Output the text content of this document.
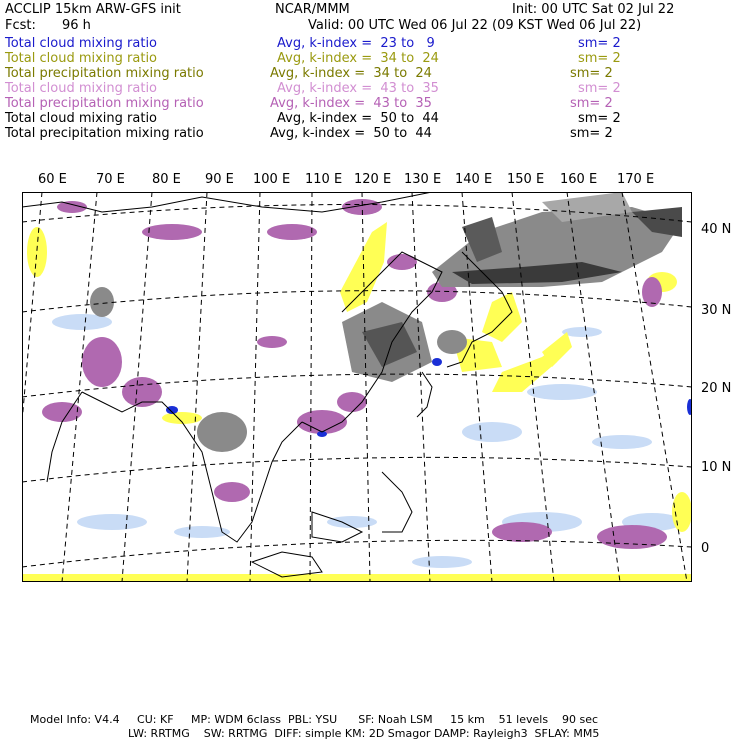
ACCLIP 15km ARW-GFS init	NCAR/MMM	Init: 00 UTC Sat 02 Jul 22
Fcst: 96 h	Valid: 00 UTC Wed 06 Jul 22 (09 KST Wed 06 Jul 22)
Total cloud mixing ratio	Avg, k-index =  23 to   9	sm= 2
Total cloud mixing ratio	Avg, k-index =  34 to  24	sm= 2
Total precipitation mixing ratio	Avg, k-index =  34 to  24	sm= 2
Total cloud mixing ratio	Avg, k-index =  43 to  35	sm= 2
Total precipitation mixing ratio	Avg, k-index =  43 to  35	sm= 2
Total cloud mixing ratio	Avg, k-index =  50 to  44	sm= 2
Total precipitation mixing ratio	Avg, k-index =  50 to  44	sm= 2
60 E 70 E 80 E 90 E 100 E 110 E 120 E 130 E 140 E 150 E 160 E 170 E
40 N
30 N
20 N
10 N
0
Model Info: V4.4     CU: KF     MP: WDM 6class  PBL: YSU      SF: Noah LSM     15 km    51 levels    90 sec
LW: RRTMG    SW: RRTMG  DIFF: simple KM: 2D Smagor DAMP: Rayleigh3  SFLAY: MM5
